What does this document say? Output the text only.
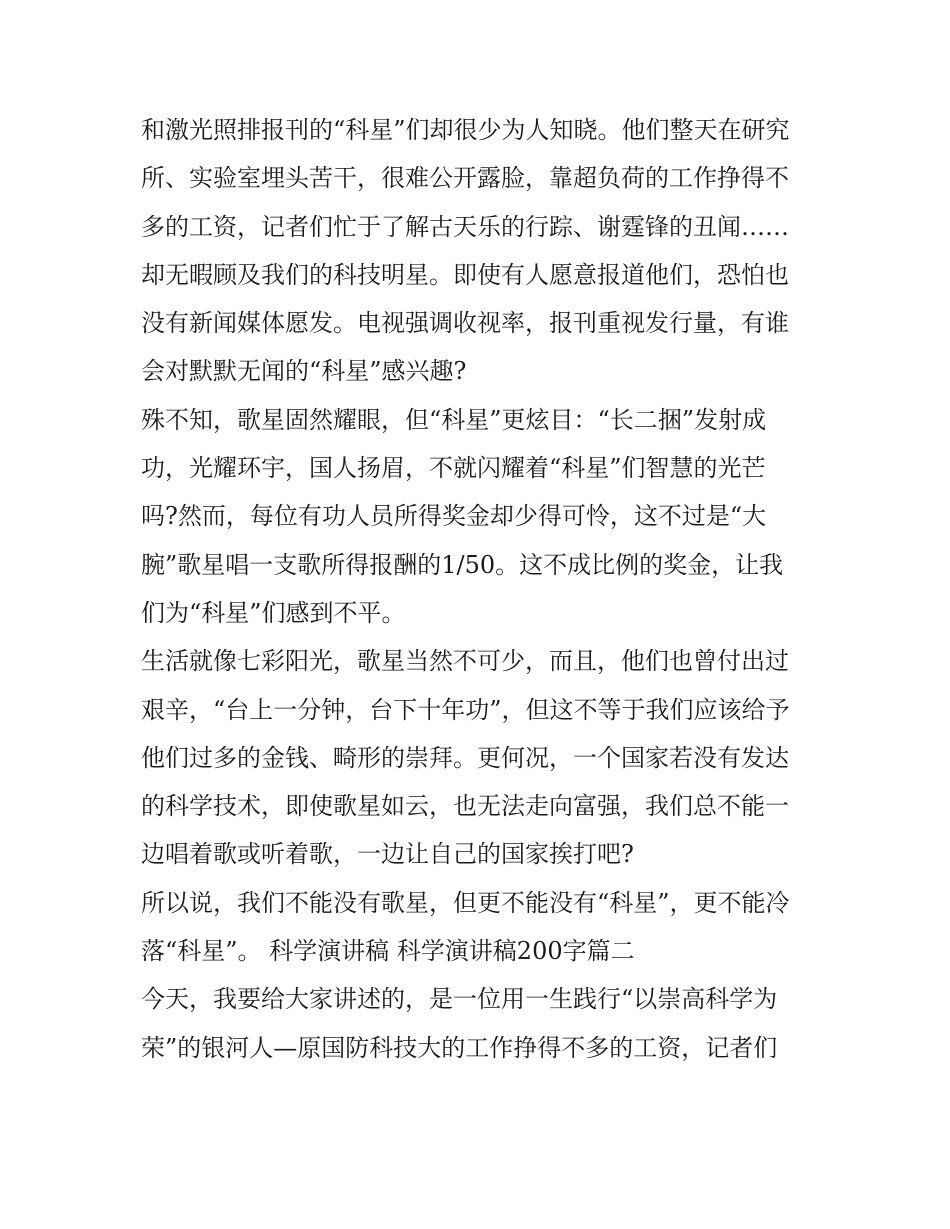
和激光照排报刊的“科星”们却很少为人知晓。他们整天在研究
所、实验室埋头苦干，很难公开露脸，靠超负荷的工作挣得不
多的工资，记者们忙于了解古天乐的行踪、谢霆锋的丑闻……
却无暇顾及我们的科技明星。即使有人愿意报道他们，恐怕也
没有新闻媒体愿发。电视强调收视率，报刊重视发行量，有谁
会对默默无闻的“科星”感兴趣?
殊不知，歌星固然耀眼，但“科星”更炫目：“长二捆”发射成
功，光耀环宇，国人扬眉，不就闪耀着“科星”们智慧的光芒
吗?然而，每位有功人员所得奖金却少得可怜，这不过是“大
腕”歌星唱一支歌所得报酬的1/50。这不成比例的奖金，让我
们为“科星”们感到不平。
生活就像七彩阳光，歌星当然不可少，而且，他们也曾付出过
艰辛，“台上一分钟，台下十年功”，但这不等于我们应该给予
他们过多的金钱、畸形的崇拜。更何况，一个国家若没有发达
的科学技术，即使歌星如云，也无法走向富强，我们总不能一
边唱着歌或听着歌，一边让自己的国家挨打吧?
所以说，我们不能没有歌星，但更不能没有“科星”，更不能冷
落“科星”。 科学演讲稿 科学演讲稿200字篇二
今天，我要给大家讲述的，是一位用一生践行“以崇高科学为
荣”的银河人—原国防科技大的工作挣得不多的工资，记者们
